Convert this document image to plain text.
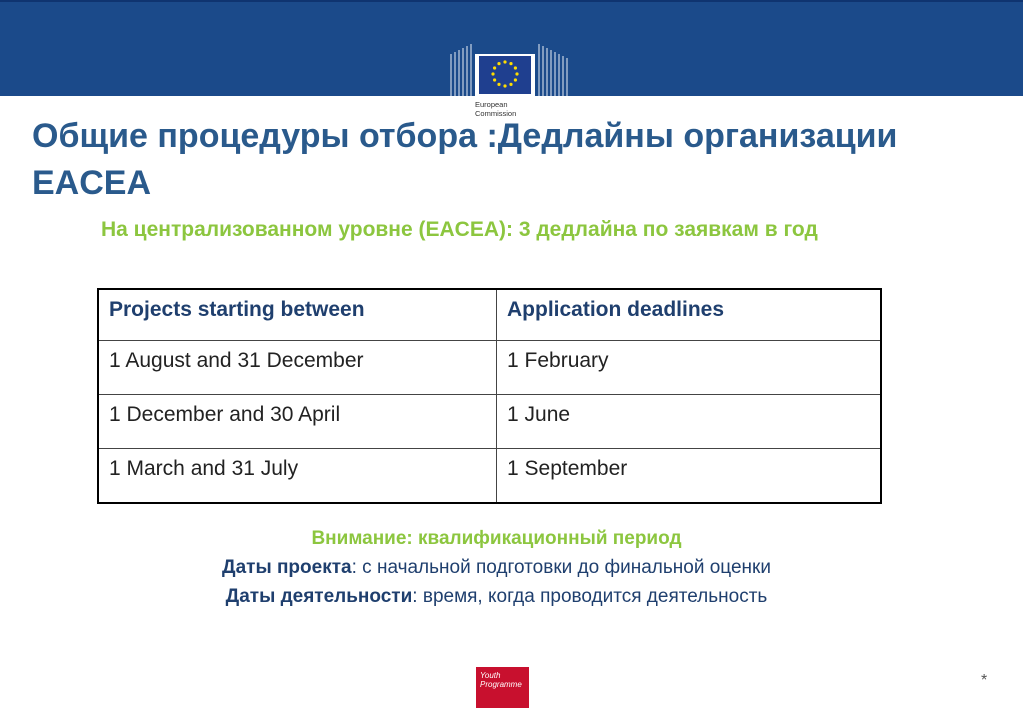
European
Commission
Общие процедуры отбора :Дедлайны организации EACEA

На централизованном уровне (EACEA): 3 дедлайна по заявкам в год

Projects starting between	Application deadlines
1 August and 31 December	1 February
1 December and 30 April	1 June
1 March and 31 July	1 September
Внимание: квалификационный период
Даты проекта: с начальной подготовки до финальной оценки
Даты деятельности: время, когда проводится деятельность
Youth
Programme	*
